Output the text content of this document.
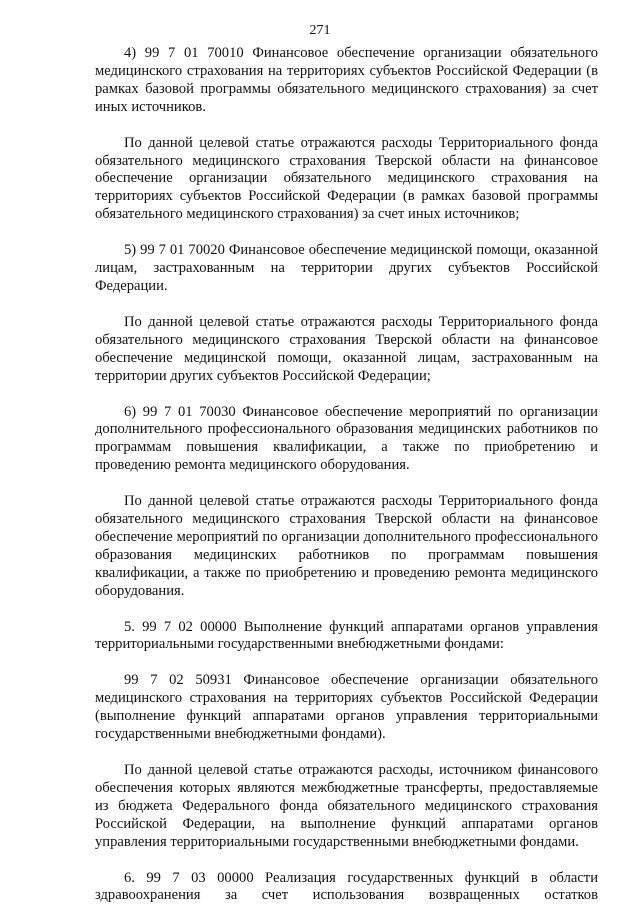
271

4) 99 7 01 70010 Финансовое обеспечение организации обязательного медицинского страхования на территориях субъектов Российской Федерации (в рамках базовой программы обязательного медицинского страхования) за счет иных источников.

По данной целевой статье отражаются расходы Территориального фонда обязательного медицинского страхования Тверской области на финансовое обеспечение организации обязательного медицинского страхования на территориях субъектов Российской Федерации (в рамках базовой программы обязательного медицинского страхования) за счет иных источников;

5) 99 7 01 70020 Финансовое обеспечение медицинской помощи, оказанной лицам, застрахованным на территории других субъектов Российской Федерации.

По данной целевой статье отражаются расходы Территориального фонда обязательного медицинского страхования Тверской области на финансовое обеспечение медицинской помощи, оказанной лицам, застрахованным на территории других субъектов Российской Федерации;

6) 99 7 01 70030 Финансовое обеспечение мероприятий по организации дополнительного профессионального образования медицинских работников по программам повышения квалификации, а также по приобретению и проведению ремонта медицинского оборудования.

По данной целевой статье отражаются расходы Территориального фонда обязательного медицинского страхования Тверской области на финансовое обеспечение мероприятий по организации дополнительного профессионального образования медицинских работников по программам повышения квалификации, а также по приобретению и проведению ремонта медицинского оборудования.

5. 99 7 02 00000 Выполнение функций аппаратами органов управления территориальными государственными внебюджетными фондами:

99 7 02 50931 Финансовое обеспечение организации обязательного медицинского страхования на территориях субъектов Российской Федерации (выполнение функций аппаратами органов управления территориальными государственными внебюджетными фондами).

По данной целевой статье отражаются расходы, источником финансового обеспечения которых являются межбюджетные трансферты, предоставляемые из бюджета Федерального фонда обязательного медицинского страхования Российской Федерации, на выполнение функций аппаратами органов управления территориальными государственными внебюджетными фондами.

6. 99 7 03 00000 Реализация государственных функций в области здравоохранения за счет использования возвращенных остатков
